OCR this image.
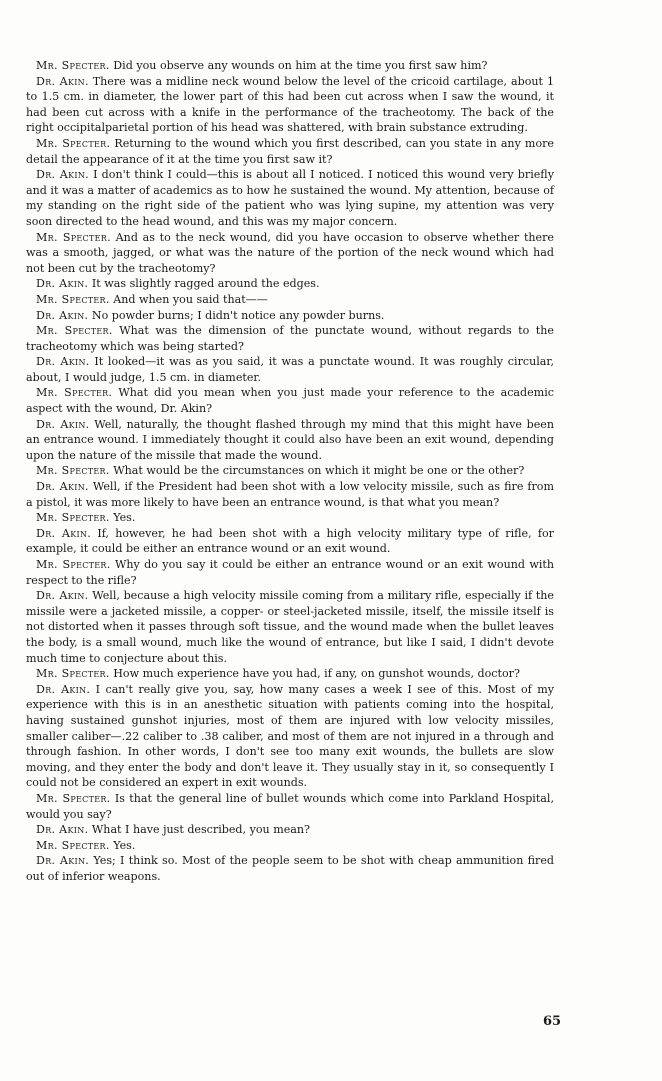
Mr. Specter. Did you observe any wounds on him at the time you first saw him?

Dr. Akin. There was a midline neck wound below the level of the cricoid cartilage, about 1 to 1.5 cm. in diameter, the lower part of this had been cut across when I saw the wound, it had been cut across with a knife in the performance of the tracheotomy. The back of the right occipitalparietal portion of his head was shattered, with brain substance extruding.

Mr. Specter. Returning to the wound which you first described, can you state in any more detail the appearance of it at the time you first saw it?

Dr. Akin. I don't think I could—this is about all I noticed. I noticed this wound very briefly and it was a matter of academics as to how he sustained the wound. My attention, because of my standing on the right side of the patient who was lying supine, my attention was very soon directed to the head wound, and this was my major concern.

Mr. Specter. And as to the neck wound, did you have occasion to observe whether there was a smooth, jagged, or what was the nature of the portion of the neck wound which had not been cut by the tracheotomy?

Dr. Akin. It was slightly ragged around the edges.

Mr. Specter. And when you said that——

Dr. Akin. No powder burns; I didn't notice any powder burns.

Mr. Specter. What was the dimension of the punctate wound, without regards to the tracheotomy which was being started?

Dr. Akin. It looked—it was as you said, it was a punctate wound. It was roughly circular, about, I would judge, 1.5 cm. in diameter.

Mr. Specter. What did you mean when you just made your reference to the academic aspect with the wound, Dr. Akin?

Dr. Akin. Well, naturally, the thought flashed through my mind that this might have been an entrance wound. I immediately thought it could also have been an exit wound, depending upon the nature of the missile that made the wound.

Mr. Specter. What would be the circumstances on which it might be one or the other?

Dr. Akin. Well, if the President had been shot with a low velocity missile, such as fire from a pistol, it was more likely to have been an entrance wound, is that what you mean?

Mr. Specter. Yes.

Dr. Akin. If, however, he had been shot with a high velocity military type of rifle, for example, it could be either an entrance wound or an exit wound.

Mr. Specter. Why do you say it could be either an entrance wound or an exit wound with respect to the rifle?

Dr. Akin. Well, because a high velocity missile coming from a military rifle, especially if the missile were a jacketed missile, a copper- or steel-jacketed missile, itself, the missile itself is not distorted when it passes through soft tissue, and the wound made when the bullet leaves the body, is a small wound, much like the wound of entrance, but like I said, I didn't devote much time to conjecture about this.

Mr. Specter. How much experience have you had, if any, on gunshot wounds, doctor?

Dr. Akin. I can't really give you, say, how many cases a week I see of this. Most of my experience with this is in an anesthetic situation with patients coming into the hospital, having sustained gunshot injuries, most of them are injured with low velocity missiles, smaller caliber—.22 caliber to .38 caliber, and most of them are not injured in a through and through fashion. In other words, I don't see too many exit wounds, the bullets are slow moving, and they enter the body and don't leave it. They usually stay in it, so consequently I could not be considered an expert in exit wounds.

Mr. Specter. Is that the general line of bullet wounds which come into Parkland Hospital, would you say?

Dr. Akin. What I have just described, you mean?

Mr. Specter. Yes.

Dr. Akin. Yes; I think so. Most of the people seem to be shot with cheap ammunition fired out of inferior weapons.

65
